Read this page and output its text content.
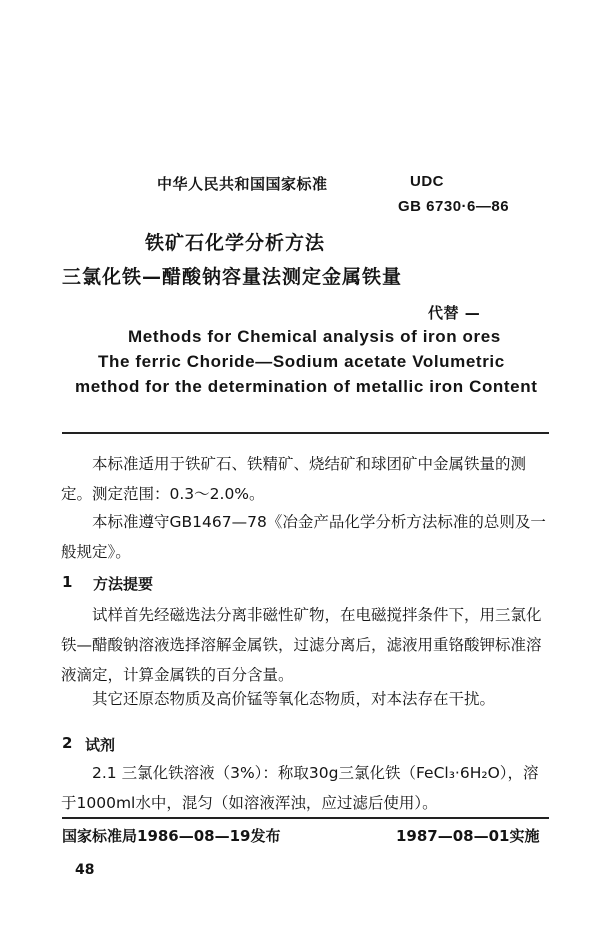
中华人民共和国国家标准	UDC
GB 6730·6—86
铁矿石化学分析方法
三氯化铁—醋酸钠容量法测定金属铁量
代替 —
Methods for Chemical analysis of iron ores
The ferric Choride—Sodium acetate Volumetric
method for the determination of metallic iron Content
本标准适用于铁矿石、铁精矿、烧结矿和球团矿中金属铁量的测定。测定范围：0.3～2.0%。
本标准遵守GB1467—78《冶金产品化学分析方法标准的总则及一般规定》。
1 方法提要
试样首先经磁选法分离非磁性矿物，在电磁搅拌条件下，用三氯化铁—醋酸钠溶液选择溶解金属铁，过滤分离后，滤液用重铬酸钾标准溶液滴定，计算金属铁的百分含量。
其它还原态物质及高价锰等氧化态物质，对本法存在干扰。
2 试剂
2.1 三氯化铁溶液（3%）：称取30g三氯化铁（FeCl₃·6H₂O），溶于1000ml水中，混匀（如溶液浑浊，应过滤后使用）。
国家标准局1986—08—19发布	1987—08—01实施
48
